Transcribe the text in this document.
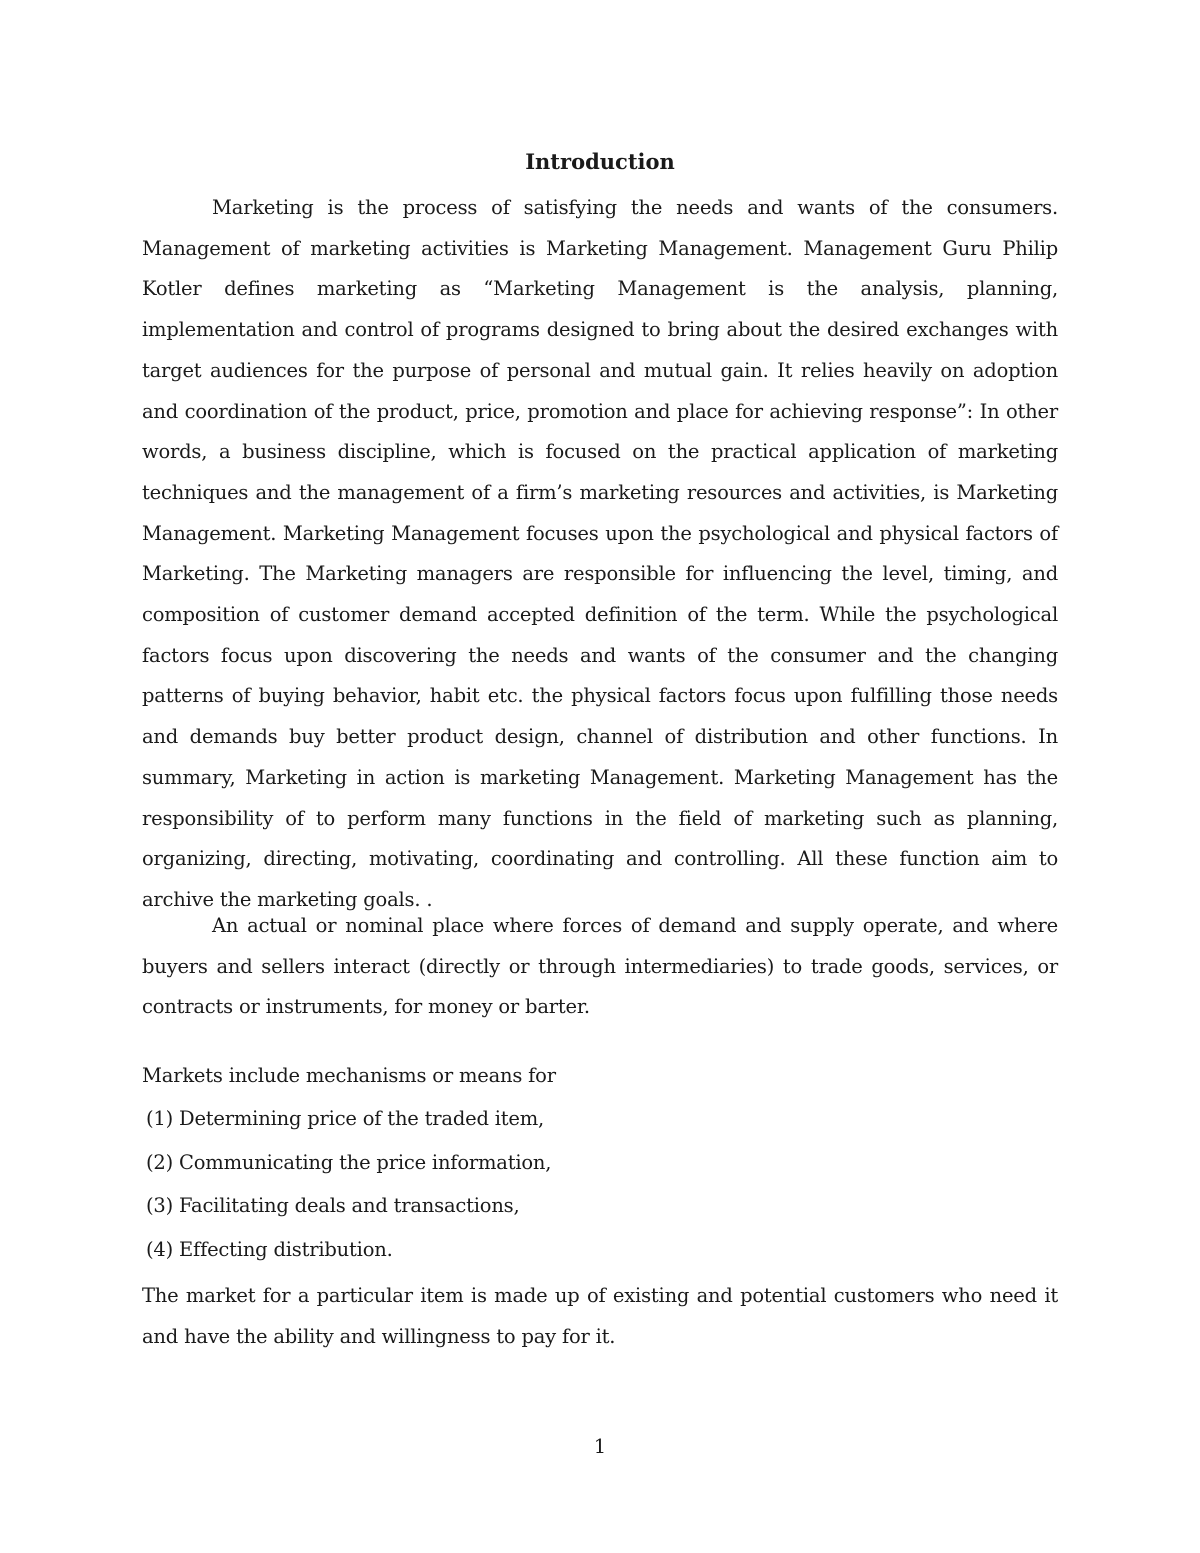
Introduction

Marketing is the process of satisfying the needs and wants of the consumers. Management of marketing activities is Marketing Management. Management Guru Philip Kotler defines marketing as “Marketing Management is the analysis, planning, implementation and control of programs designed to bring about the desired exchanges with target audiences for the purpose of personal and mutual gain. It relies heavily on adoption and coordination of the product, price, promotion and place for achieving response”: In other words, a business discipline, which is focused on the practical application of marketing techniques and the management of a firm’s marketing resources and activities, is Marketing Management. Marketing Management focuses upon the psychological and physical factors of Marketing. The Marketing managers are responsible for influencing the level, timing, and composition of customer demand accepted definition of the term. While the psychological factors focus upon discovering the needs and wants of the consumer and the changing patterns of buying behavior, habit etc. the physical factors focus upon fulfilling those needs and demands buy better product design, channel of distribution and other functions. In summary, Marketing in action is marketing Management. Marketing Management has the responsibility of to perform many functions in the field of marketing such as planning, organizing, directing, motivating, coordinating and controlling. All these function aim to archive the marketing goals. .

An actual or nominal place where forces of demand and supply operate, and where buyers and sellers interact (directly or through intermediaries) to trade goods, services, or contracts or instruments, for money or barter.

Markets include mechanisms or means for

(1) Determining price of the traded item,
(2) Communicating the price information,
(3) Facilitating deals and transactions,
(4) Effecting distribution.

The market for a particular item is made up of existing and potential customers who need it and have the ability and willingness to pay for it.

1
